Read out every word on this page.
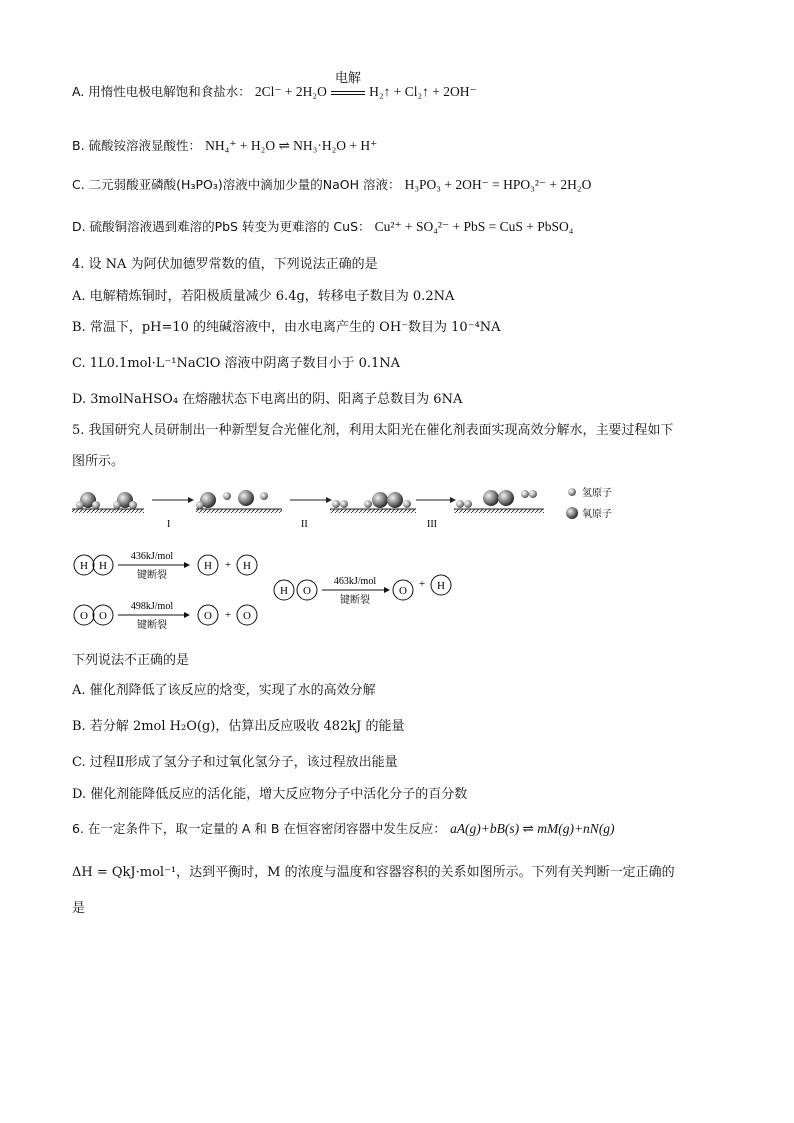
A. 用惰性电极电解饱和食盐水： 2Cl⁻ + 2H₂O
电解
H₂↑ + Cl₂↑ + 2OH⁻
B. 硫酸铵溶液显酸性： NH₄⁺ + H₂O ⇌ NH₃·H₂O + H⁺
C. 二元弱酸亚磷酸(H₃PO₃)溶液中滴加少量的NaOH 溶液： H₃PO₃ + 2OH⁻ = HPO₃²⁻ + 2H₂O
D. 硫酸铜溶液遇到难溶的PbS 转变为更难溶的 CuS： Cu²⁺ + SO₄²⁻ + PbS = CuS + PbSO₄
4. 设 NA 为阿伏加德罗常数的值，下列说法正确的是
A. 电解精炼铜时，若阳极质量减少 6.4g，转移电子数目为 0.2NA
B. 常温下，pH=10 的纯碱溶液中，由水电离产生的 OH⁻数目为 10⁻⁴NA
C. 1L0.1mol·L⁻¹NaClO 溶液中阴离子数目小于 0.1NA
D. 3molNaHSO₄ 在熔融状态下电离出的阴、阳离子总数目为 6NA
5. 我国研究人员研制出一种新型复合光催化剂，利用太阳光在催化剂表面实现高效分解水，主要过程如下
图所示。
I	II	III
氢原子
氧原子
H H
436kJ/mol
键断裂
H + H
O O
498kJ/mol
键断裂
O + O
H O
463kJ/mol
键断裂
O
+ H
下列说法不正确的是
A. 催化剂降低了该反应的焓变，实现了水的高效分解
B. 若分解 2mol H₂O(g)，估算出反应吸收 482kJ 的能量
C. 过程Ⅱ形成了氢分子和过氧化氢分子，该过程放出能量
D. 催化剂能降低反应的活化能，增大反应物分子中活化分子的百分数
6. 在一定条件下，取一定量的 A 和 B 在恒容密闭容器中发生反应： aA(g)+bB(s) ⇌ mM(g)+nN(g)
ΔH = QkJ·mol⁻¹，达到平衡时，M 的浓度与温度和容器容积的关系如图所示。下列有关判断一定正确的
是
